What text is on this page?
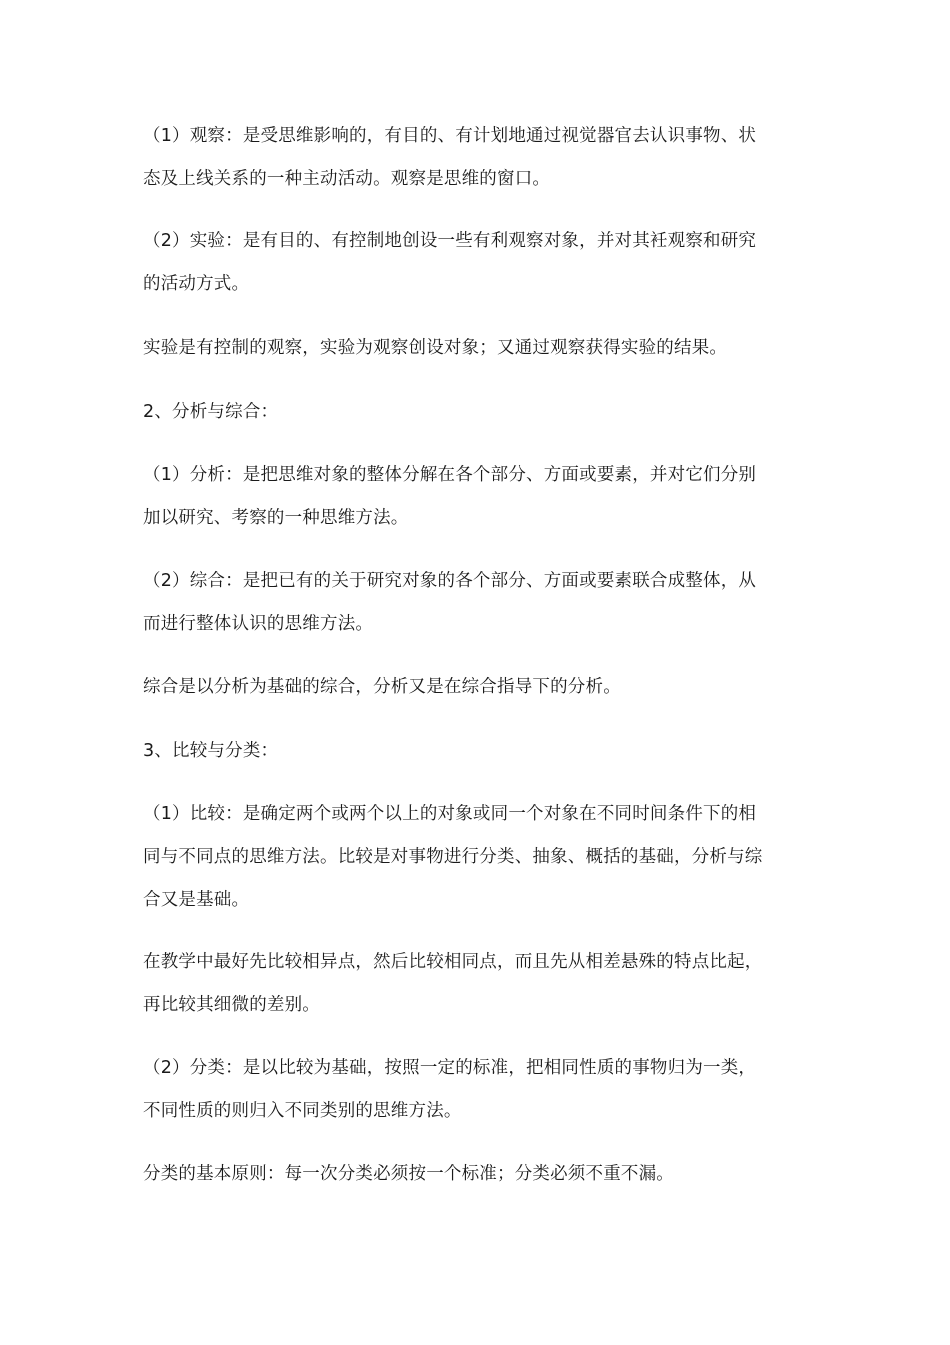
（1）观察：是受思维影响的，有目的、有计划地通过视觉器官去认识事物、状
态及上线关系的一种主动活动。观察是思维的窗口。

（2）实验：是有目的、有控制地创设一些有利观察对象，并对其衽观察和研究
的活动方式。

实验是有控制的观察，实验为观察创设对象；又通过观察获得实验的结果。

2、分析与综合：

（1）分析：是把思维对象的整体分解在各个部分、方面或要素，并对它们分别
加以研究、考察的一种思维方法。

（2）综合：是把已有的关于研究对象的各个部分、方面或要素联合成整体，从
而进行整体认识的思维方法。

综合是以分析为基础的综合，分析又是在综合指导下的分析。

3、比较与分类：

（1）比较：是确定两个或两个以上的对象或同一个对象在不同时间条件下的相
同与不同点的思维方法。比较是对事物进行分类、抽象、概括的基础，分析与综
合又是基础。

在教学中最好先比较相异点，然后比较相同点，而且先从相差悬殊的特点比起，
再比较其细微的差别。

（2）分类：是以比较为基础，按照一定的标准，把相同性质的事物归为一类，
不同性质的则归入不同类别的思维方法。

分类的基本原则：每一次分类必须按一个标准；分类必须不重不漏。
